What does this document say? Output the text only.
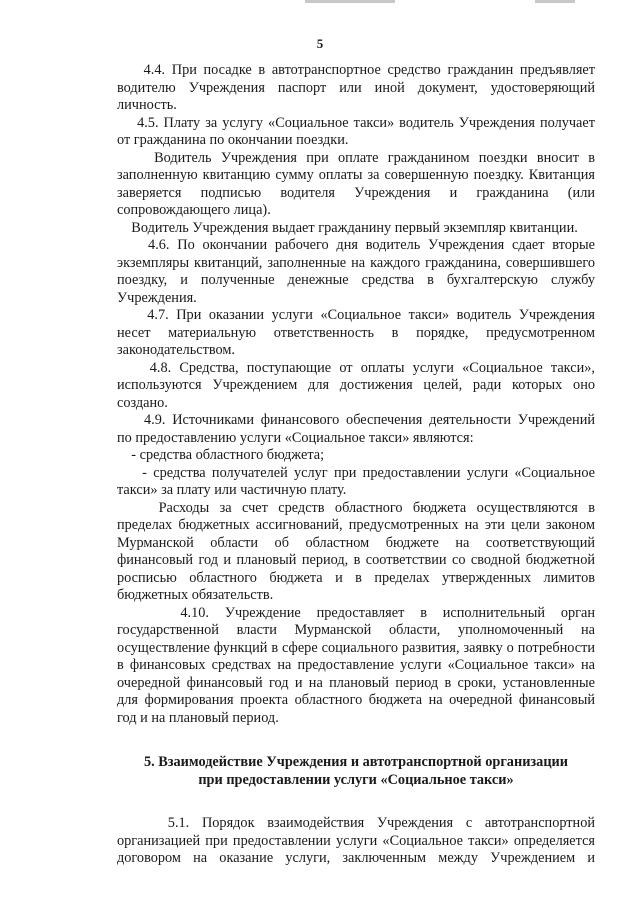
5
4.4. При посадке в автотранспортное средство гражданин предъявляет
водителю Учреждения паспорт или иной документ, удостоверяющий
личность.
4.5. Плату за услугу «Социальное такси» водитель Учреждения получает
от гражданина по окончании поездки.
Водитель Учреждения при оплате гражданином поездки вносит в
заполненную квитанцию сумму оплаты за совершенную поездку. Квитанция
заверяется подписью водителя Учреждения и гражданина (или
сопровождающего лица).
Водитель Учреждения выдает гражданину первый экземпляр квитанции.
4.6. По окончании рабочего дня водитель Учреждения сдает вторые
экземпляры квитанций, заполненные на каждого гражданина, совершившего
поездку, и полученные денежные средства в бухгалтерскую службу
Учреждения.
4.7. При оказании услуги «Социальное такси» водитель Учреждения
несет материальную ответственность в порядке, предусмотренном
законодательством.
4.8. Средства, поступающие от оплаты услуги «Социальное такси»,
используются Учреждением для достижения целей, ради которых оно
создано.
4.9. Источниками финансового обеспечения деятельности Учреждений
по предоставлению услуги «Социальное такси» являются:
- средства областного бюджета;
- средства получателей услуг при предоставлении услуги «Социальное
такси» за плату или частичную плату.
Расходы за счет средств областного бюджета осуществляются в
пределах бюджетных ассигнований, предусмотренных на эти цели законом
Мурманской области об областном бюджете на соответствующий
финансовый год и плановый период, в соответствии со сводной бюджетной
росписью областного бюджета и в пределах утвержденных лимитов
бюджетных обязательств.
4.10. Учреждение предоставляет в исполнительный орган
государственной власти Мурманской области, уполномоченный на
осуществление функций в сфере социального развития, заявку о потребности
в финансовых средствах на предоставление услуги «Социальное такси» на
очередной финансовый год и на плановый период в сроки, установленные
для формирования проекта областного бюджета на очередной финансовый
год и на плановый период.
5. Взаимодействие Учреждения и автотранспортной организации
при предоставлении услуги «Социальное такси»
5.1. Порядок взаимодействия Учреждения с автотранспортной
организацией при предоставлении услуги «Социальное такси» определяется
договором на оказание услуги, заключенным между Учреждением и
